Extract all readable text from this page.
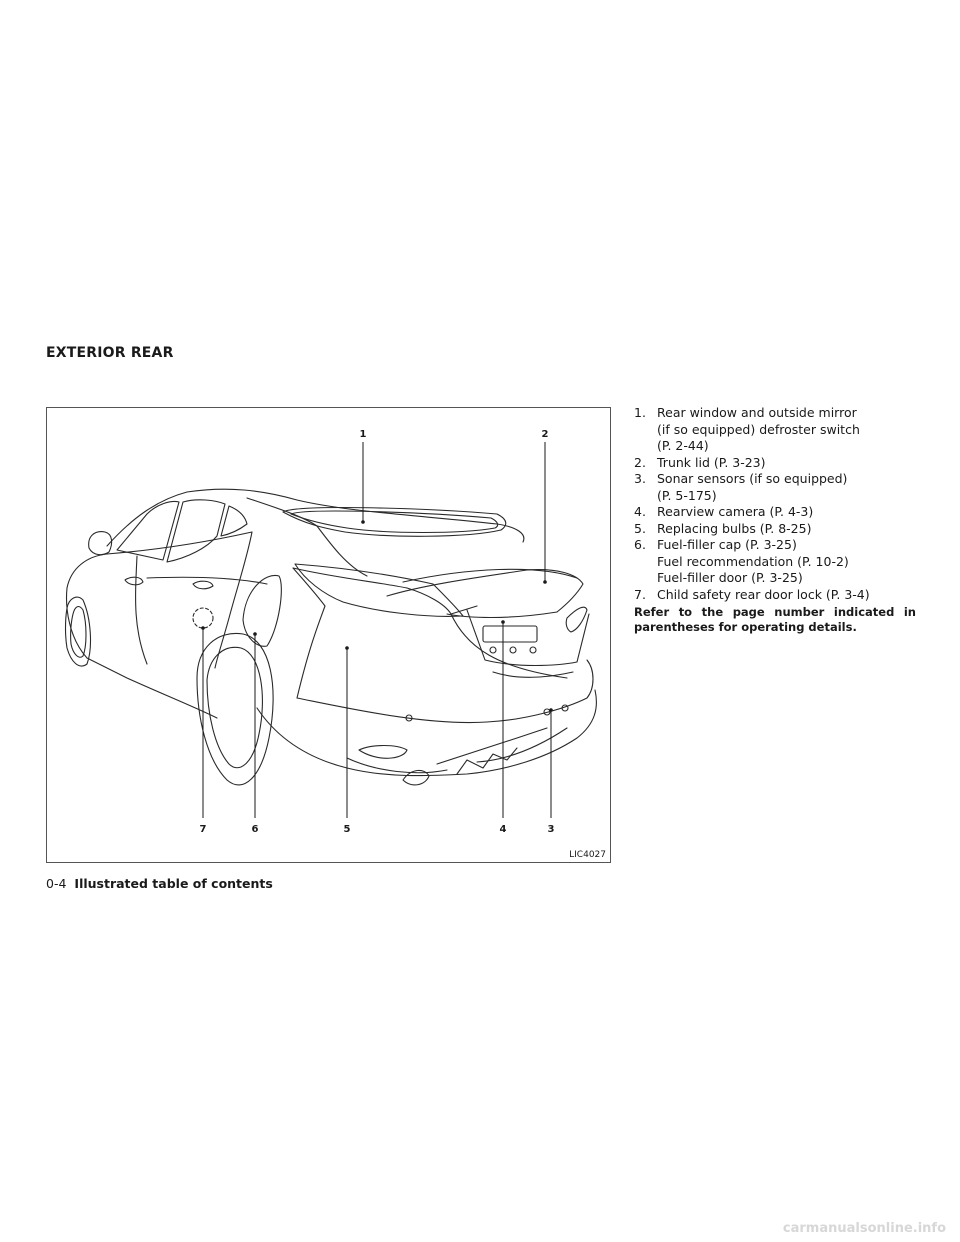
EXTERIOR REAR
1	2
3
4
5
6
7
LIC4027
1. Rear window and outside mirror
(if so equipped) defroster switch
(P. 2-44)
2. Trunk lid (P. 3-23)
3. Sonar sensors (if so equipped)
(P. 5-175)
4. Rearview camera (P. 4-3)
5. Replacing bulbs (P. 8-25)
6. Fuel-filler cap (P. 3-25)
Fuel recommendation (P. 10-2)
Fuel-filler door (P. 3-25)
7. Child safety rear door lock (P. 3-4)
Refer to the page number indicated in parentheses for operating details.
0-4 Illustrated table of contents
carmanualsonline.info
